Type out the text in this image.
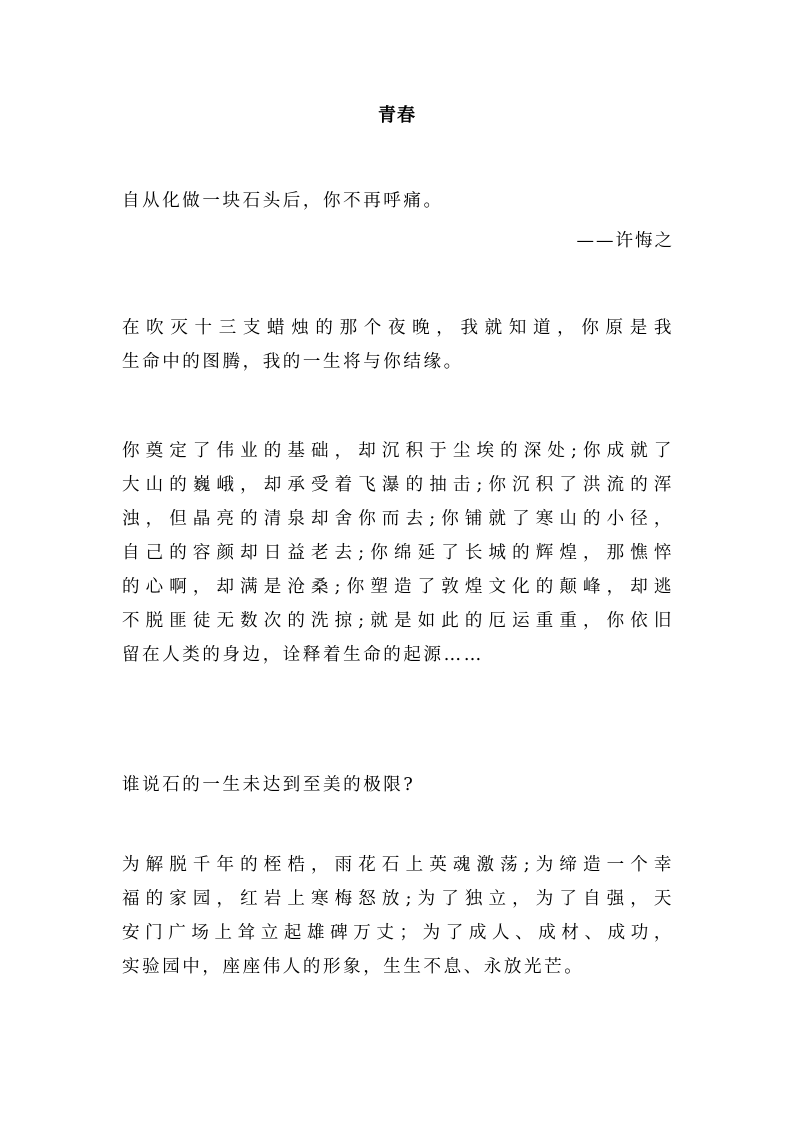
青春
自从化做一块石头后，你不再呼痛。
——许悔之
在吹灭十三支蜡烛的那个夜晚，我就知道，你原是我
生命中的图腾，我的一生将与你结缘。
你奠定了伟业的基础，却沉积于尘埃的深处;你成就了
大山的巍峨，却承受着飞瀑的抽击;你沉积了洪流的浑
浊，但晶亮的清泉却舍你而去;你铺就了寒山的小径，
自己的容颜却日益老去;你绵延了长城的辉煌，那憔悴
的心啊，却满是沧桑;你塑造了敦煌文化的颠峰，却逃
不脱匪徒无数次的洗掠;就是如此的厄运重重，你依旧
留在人类的身边，诠释着生命的起源……
谁说石的一生未达到至美的极限?
为解脱千年的桎梏，雨花石上英魂激荡;为缔造一个幸
福的家园，红岩上寒梅怒放;为了独立，为了自强，天
安门广场上耸立起雄碑万丈；为了成人、成材、成功，
实验园中，座座伟人的形象，生生不息、永放光芒。
